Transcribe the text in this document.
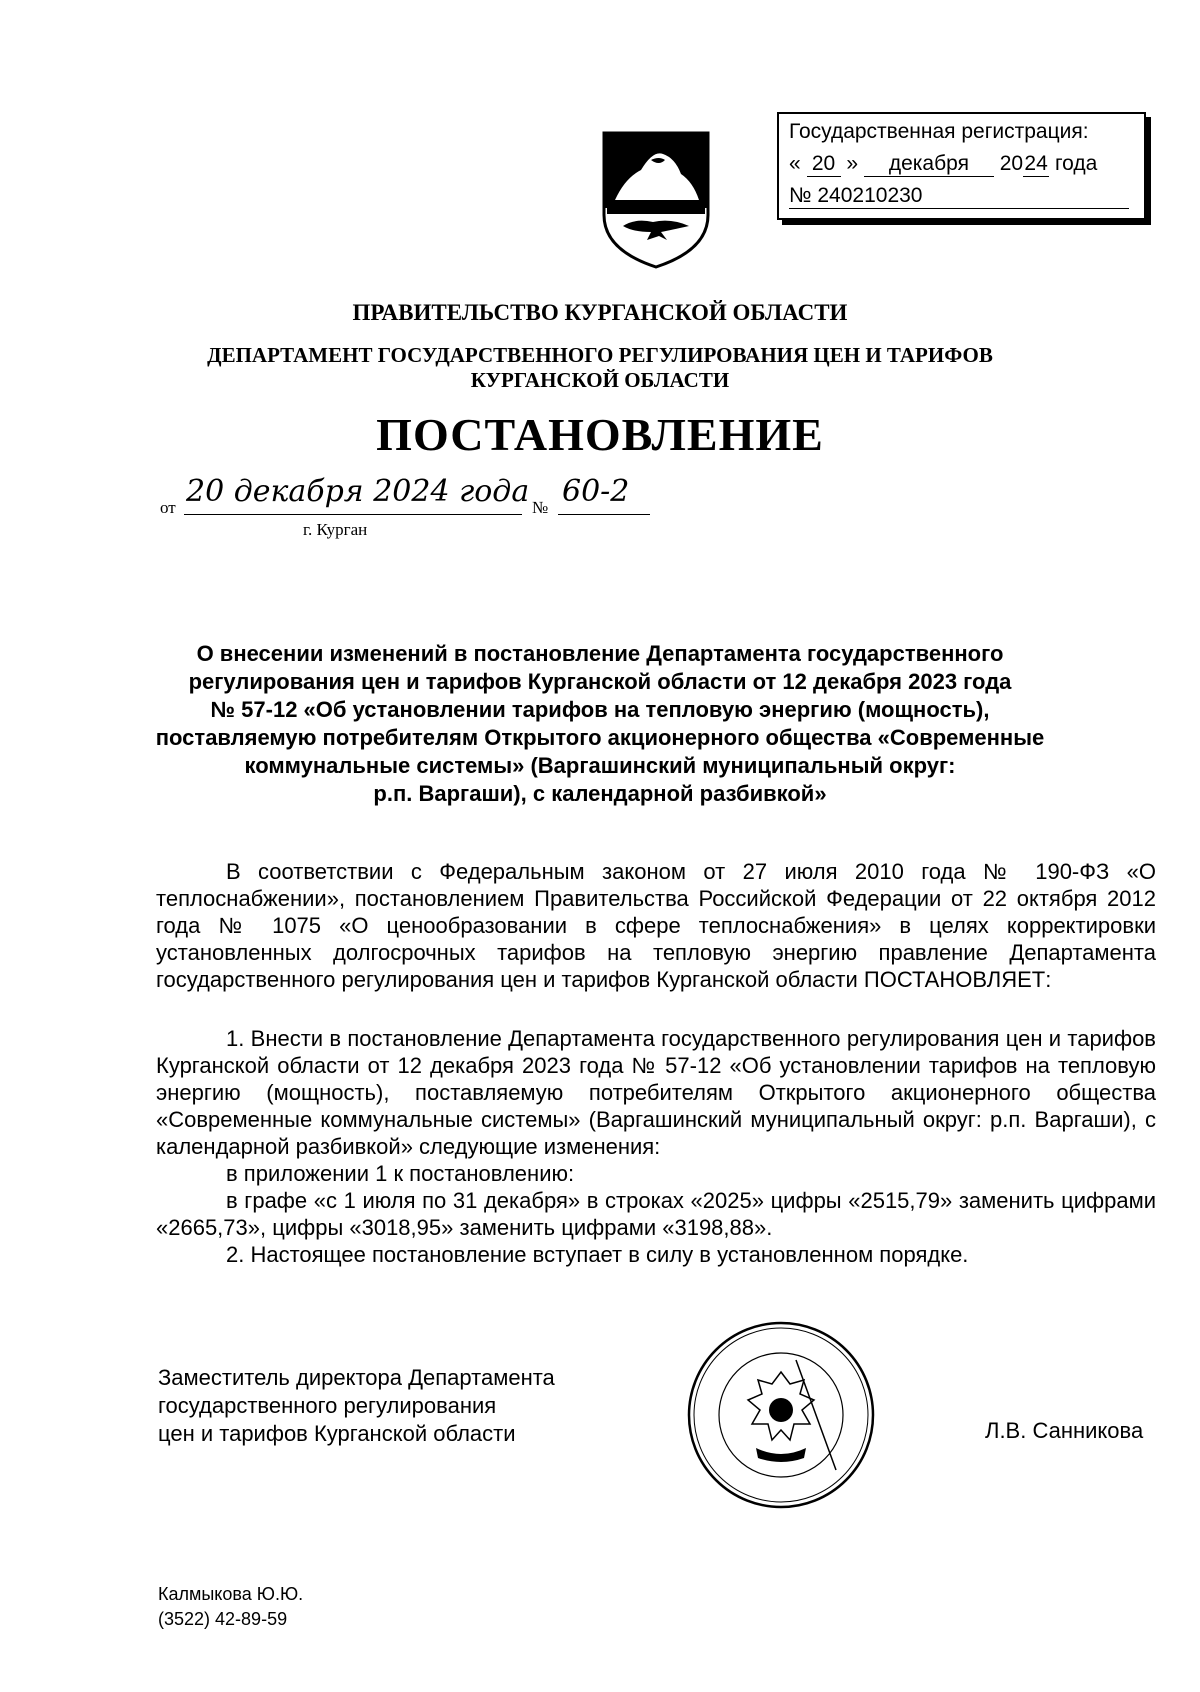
Государственная регистрация:
« 20 » декабря 2024 года
№ 240210230
ПРАВИТЕЛЬСТВО КУРГАНСКОЙ ОБЛАСТИ
ДЕПАРТАМЕНТ ГОСУДАРСТВЕННОГО РЕГУЛИРОВАНИЯ ЦЕН И ТАРИФОВ
КУРГАНСКОЙ ОБЛАСТИ
ПОСТАНОВЛЕНИЕ
от 20 декабря 2024 года № 60-2
г. Курган
О внесении изменений в постановление Департамента государственного
регулирования цен и тарифов Курганской области от 12 декабря 2023 года
№ 57-12 «Об установлении тарифов на тепловую энергию (мощность),
поставляемую потребителям Открытого акционерного общества «Современные
коммунальные системы» (Варгашинский муниципальный округ:
р.п. Варгаши), с календарной разбивкой»
В соответствии с Федеральным законом от 27 июля 2010 года № 190-ФЗ «О теплоснабжении», постановлением Правительства Российской Федерации от 22 октября 2012 года № 1075 «О ценообразовании в сфере теплоснабжения» в целях корректировки установленных долгосрочных тарифов на тепловую энергию правление Департамента государственного регулирования цен и тарифов Курганской области ПОСТАНОВЛЯЕТ:
1. Внести в постановление Департамента государственного регулирования цен и тарифов Курганской области от 12 декабря 2023 года № 57-12 «Об установлении тарифов на тепловую энергию (мощность), поставляемую потребителям Открытого акционерного общества «Современные коммунальные системы» (Варгашинский муниципальный округ: р.п. Варгаши), с календарной разбивкой» следующие изменения:
в приложении 1 к постановлению:
в графе «с 1 июля по 31 декабря» в строках «2025» цифры «2515,79» заменить цифрами «2665,73», цифры «3018,95» заменить цифрами «3198,88».
2. Настоящее постановление вступает в силу в установленном порядке.
Заместитель директора Департамента
государственного регулирования
цен и тарифов Курганской области	Л.В. Санникова
Калмыкова Ю.Ю.
(3522) 42-89-59
